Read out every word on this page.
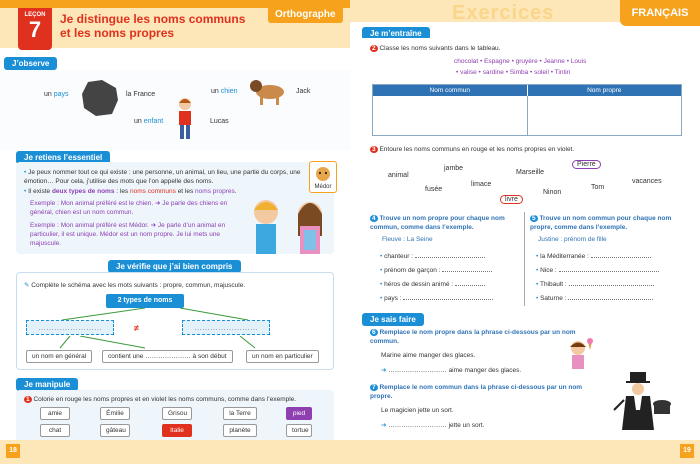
LEÇON
7	Je distingue les noms communs
et les noms propres
Orthographe
J’observe
un pays	la France	un chien	Jack
un enfant	Lucas
Je retiens l’essentiel
• Je peux nommer tout ce qui existe : une personne, un animal, un lieu, une partie du corps, une émotion… Pour cela, j’utilise des mots que l’on appelle des noms.
• Il existe deux types de noms : les noms communs et les noms propres.
Exemple : Mon animal préféré est le chien. ➔ Je parle des chiens en général, chien est un nom commun.
Exemple : Mon animal préféré est Médor. ➔ Je parle d’un animal en particulier, il est unique. Médor est un nom propre. Je lui mets une majuscule.
Médor
Je vérifie que j’ai bien compris
✎ Complète le schéma avec les mots suivants : propre, commun, majuscule.
2 types de noms
……………………	≠	……………………
un nom en général	contient une ………………… à son début	un nom en particulier
Je manipule
1 Colorie en rouge les noms propres et en violet les noms communs, comme dans l’exemple.
amie	Émilie	Grisou	la Terre	pied
chat	gâteau	Italie	planète	tortue
18
Exercices	FRANÇAIS
Je m’entraîne
2 Classe les noms suivants dans le tableau.
chocolat • Espagne • gruyère • Jeanne • Louis
• valise • sardine • Simba • soleil • Tintin
Nom commun	Nom propre
3 Entoure les noms communs en rouge et les noms propres en violet.
animal
jambe
fusée
limace
Marseille
Pierre
Ninon
livre
Tom
vacances
4 Trouve un nom propre pour chaque nom commun, comme dans l’exemple.
Fleuve : La Seine
• chanteur :
• prénom de garçon :
• héros de dessin animé :
• pays :
5 Trouve un nom commun pour chaque nom propre, comme dans l’exemple.
Justine : prénom de fille
• la Méditerranée :
• Nice :
• Thibault :
• Saturne :
Je sais faire
6 Remplace le nom propre dans la phrase ci-dessous par un nom commun.
Marine aime manger des glaces.
➔ ……………………… aime manger des glaces.
7 Remplace le nom commun dans la phrase ci-dessous par un nom propre.
Le magicien jette un sort.
➔ ……………………… jette un sort.
19
